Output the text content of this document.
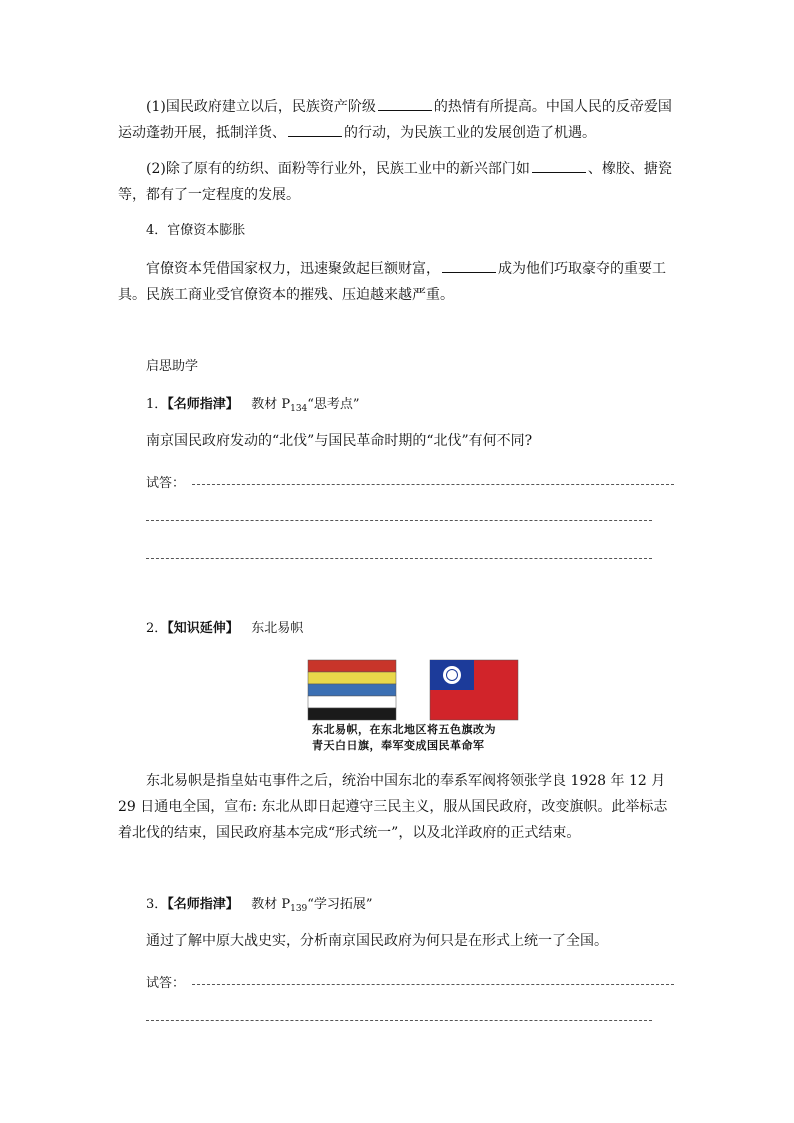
(1)国民政府建立以后，民族资产阶级	的热情有所提高。中国人民的反帝爱国运动蓬勃开展，抵制洋货、	的行动，为民族工业的发展创造了机遇。

(2)除了原有的纺织、面粉等行业外，民族工业中的新兴部门如	、橡胶、搪瓷等，都有了一定程度的发展。

4．官僚资本膨胀

官僚资本凭借国家权力，迅速聚敛起巨额财富，	成为他们巧取豪夺的重要工具。民族工商业受官僚资本的摧残、压迫越来越严重。

启思助学
1．【名师指津】 教材 $P_{134}“$思考点”
南京国民政府发动的“北伐”与国民革命时期的“北伐”有何不同?
试答：
2．【知识延伸】 东北易帜
东北易帜，在东北地区将五色旗改为
青天白日旗，奉军变成国民革命军

东北易帜是指皇姑屯事件之后，统治中国东北的奉系军阀将领张学良 1928 年 12 月 29 日通电全国，宣布: 东北从即日起遵守三民主义，服从国民政府，改变旗帜。此举标志着北伐的结束，国民政府基本完成“形式统一”，以及北洋政府的正式结束。

3．【名师指津】 教材 $P_{139}“$学习拓展”
通过了解中原大战史实，分析南京国民政府为何只是在形式上统一了全国。
试答：
